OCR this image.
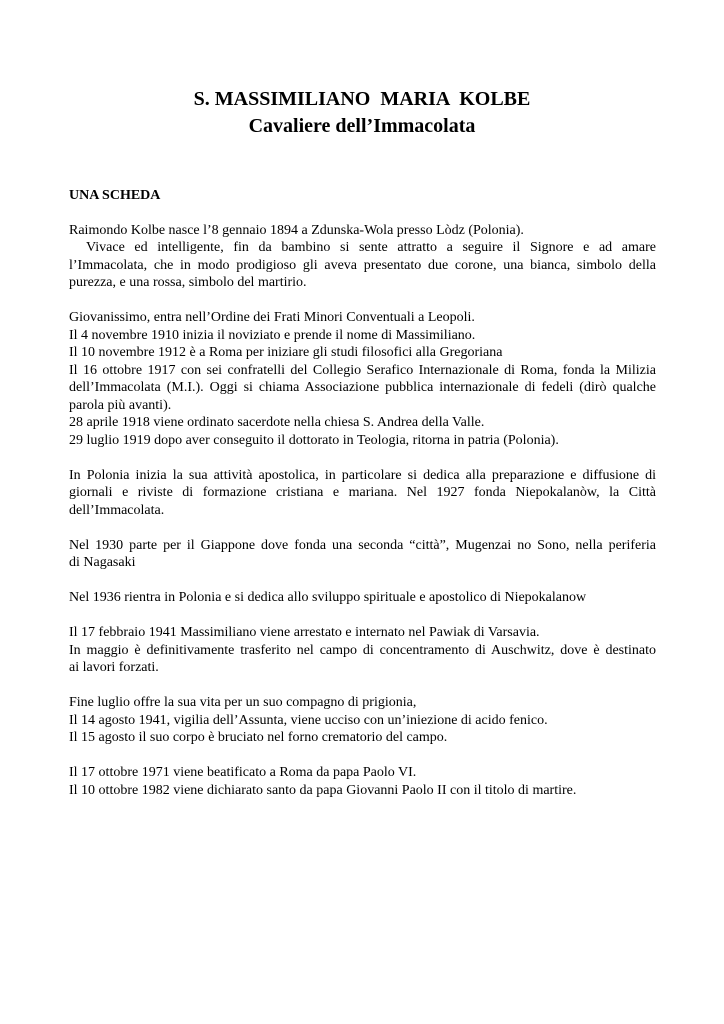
S. MASSIMILIANO  MARIA  KOLBE
Cavaliere dell’Immacolata
UNA SCHEDA
Raimondo Kolbe nasce l’8 gennaio 1894 a Zdunska-Wola presso Lòdz (Polonia).
Vivace ed intelligente, fin da bambino si sente attratto a seguire il Signore e ad amare
l’Immacolata, che in modo prodigioso gli aveva presentato due corone, una bianca, simbolo della
purezza, e una rossa, simbolo del martirio.
Giovanissimo, entra nell’Ordine dei Frati Minori Conventuali a Leopoli.
Il 4 novembre 1910 inizia il noviziato e prende il nome di Massimiliano.
Il 10 novembre 1912 è a Roma per iniziare gli studi filosofici alla Gregoriana
Il 16 ottobre 1917 con sei confratelli del Collegio Serafico Internazionale di Roma, fonda la Milizia
dell’Immacolata (M.I.). Oggi si chiama Associazione pubblica internazionale di fedeli (dirò qualche
parola più avanti).
28 aprile 1918 viene ordinato sacerdote nella chiesa S. Andrea della Valle.
29 luglio 1919 dopo aver conseguito il dottorato in Teologia, ritorna in patria (Polonia).
In Polonia inizia la sua attività apostolica, in particolare si dedica alla preparazione e diffusione di
giornali e riviste di formazione cristiana e mariana. Nel 1927 fonda Niepokalanòw, la Città
dell’Immacolata.
Nel 1930 parte per il Giappone dove fonda una seconda “città”, Mugenzai no Sono, nella periferia
di Nagasaki
Nel 1936 rientra in Polonia e si dedica allo sviluppo spirituale e apostolico di Niepokalanow
Il 17 febbraio 1941 Massimiliano viene arrestato e internato nel Pawiak di Varsavia.
In maggio è definitivamente trasferito nel campo di concentramento di Auschwitz, dove è destinato
ai lavori forzati.
Fine luglio offre la sua vita per un suo compagno di prigionia,
Il 14 agosto 1941, vigilia dell’Assunta, viene ucciso con un’iniezione di acido fenico.
Il 15 agosto il suo corpo è bruciato nel forno crematorio del campo.
Il 17 ottobre 1971 viene beatificato a Roma da papa Paolo VI.
Il 10 ottobre 1982 viene dichiarato santo da papa Giovanni Paolo II con il titolo di martire.
